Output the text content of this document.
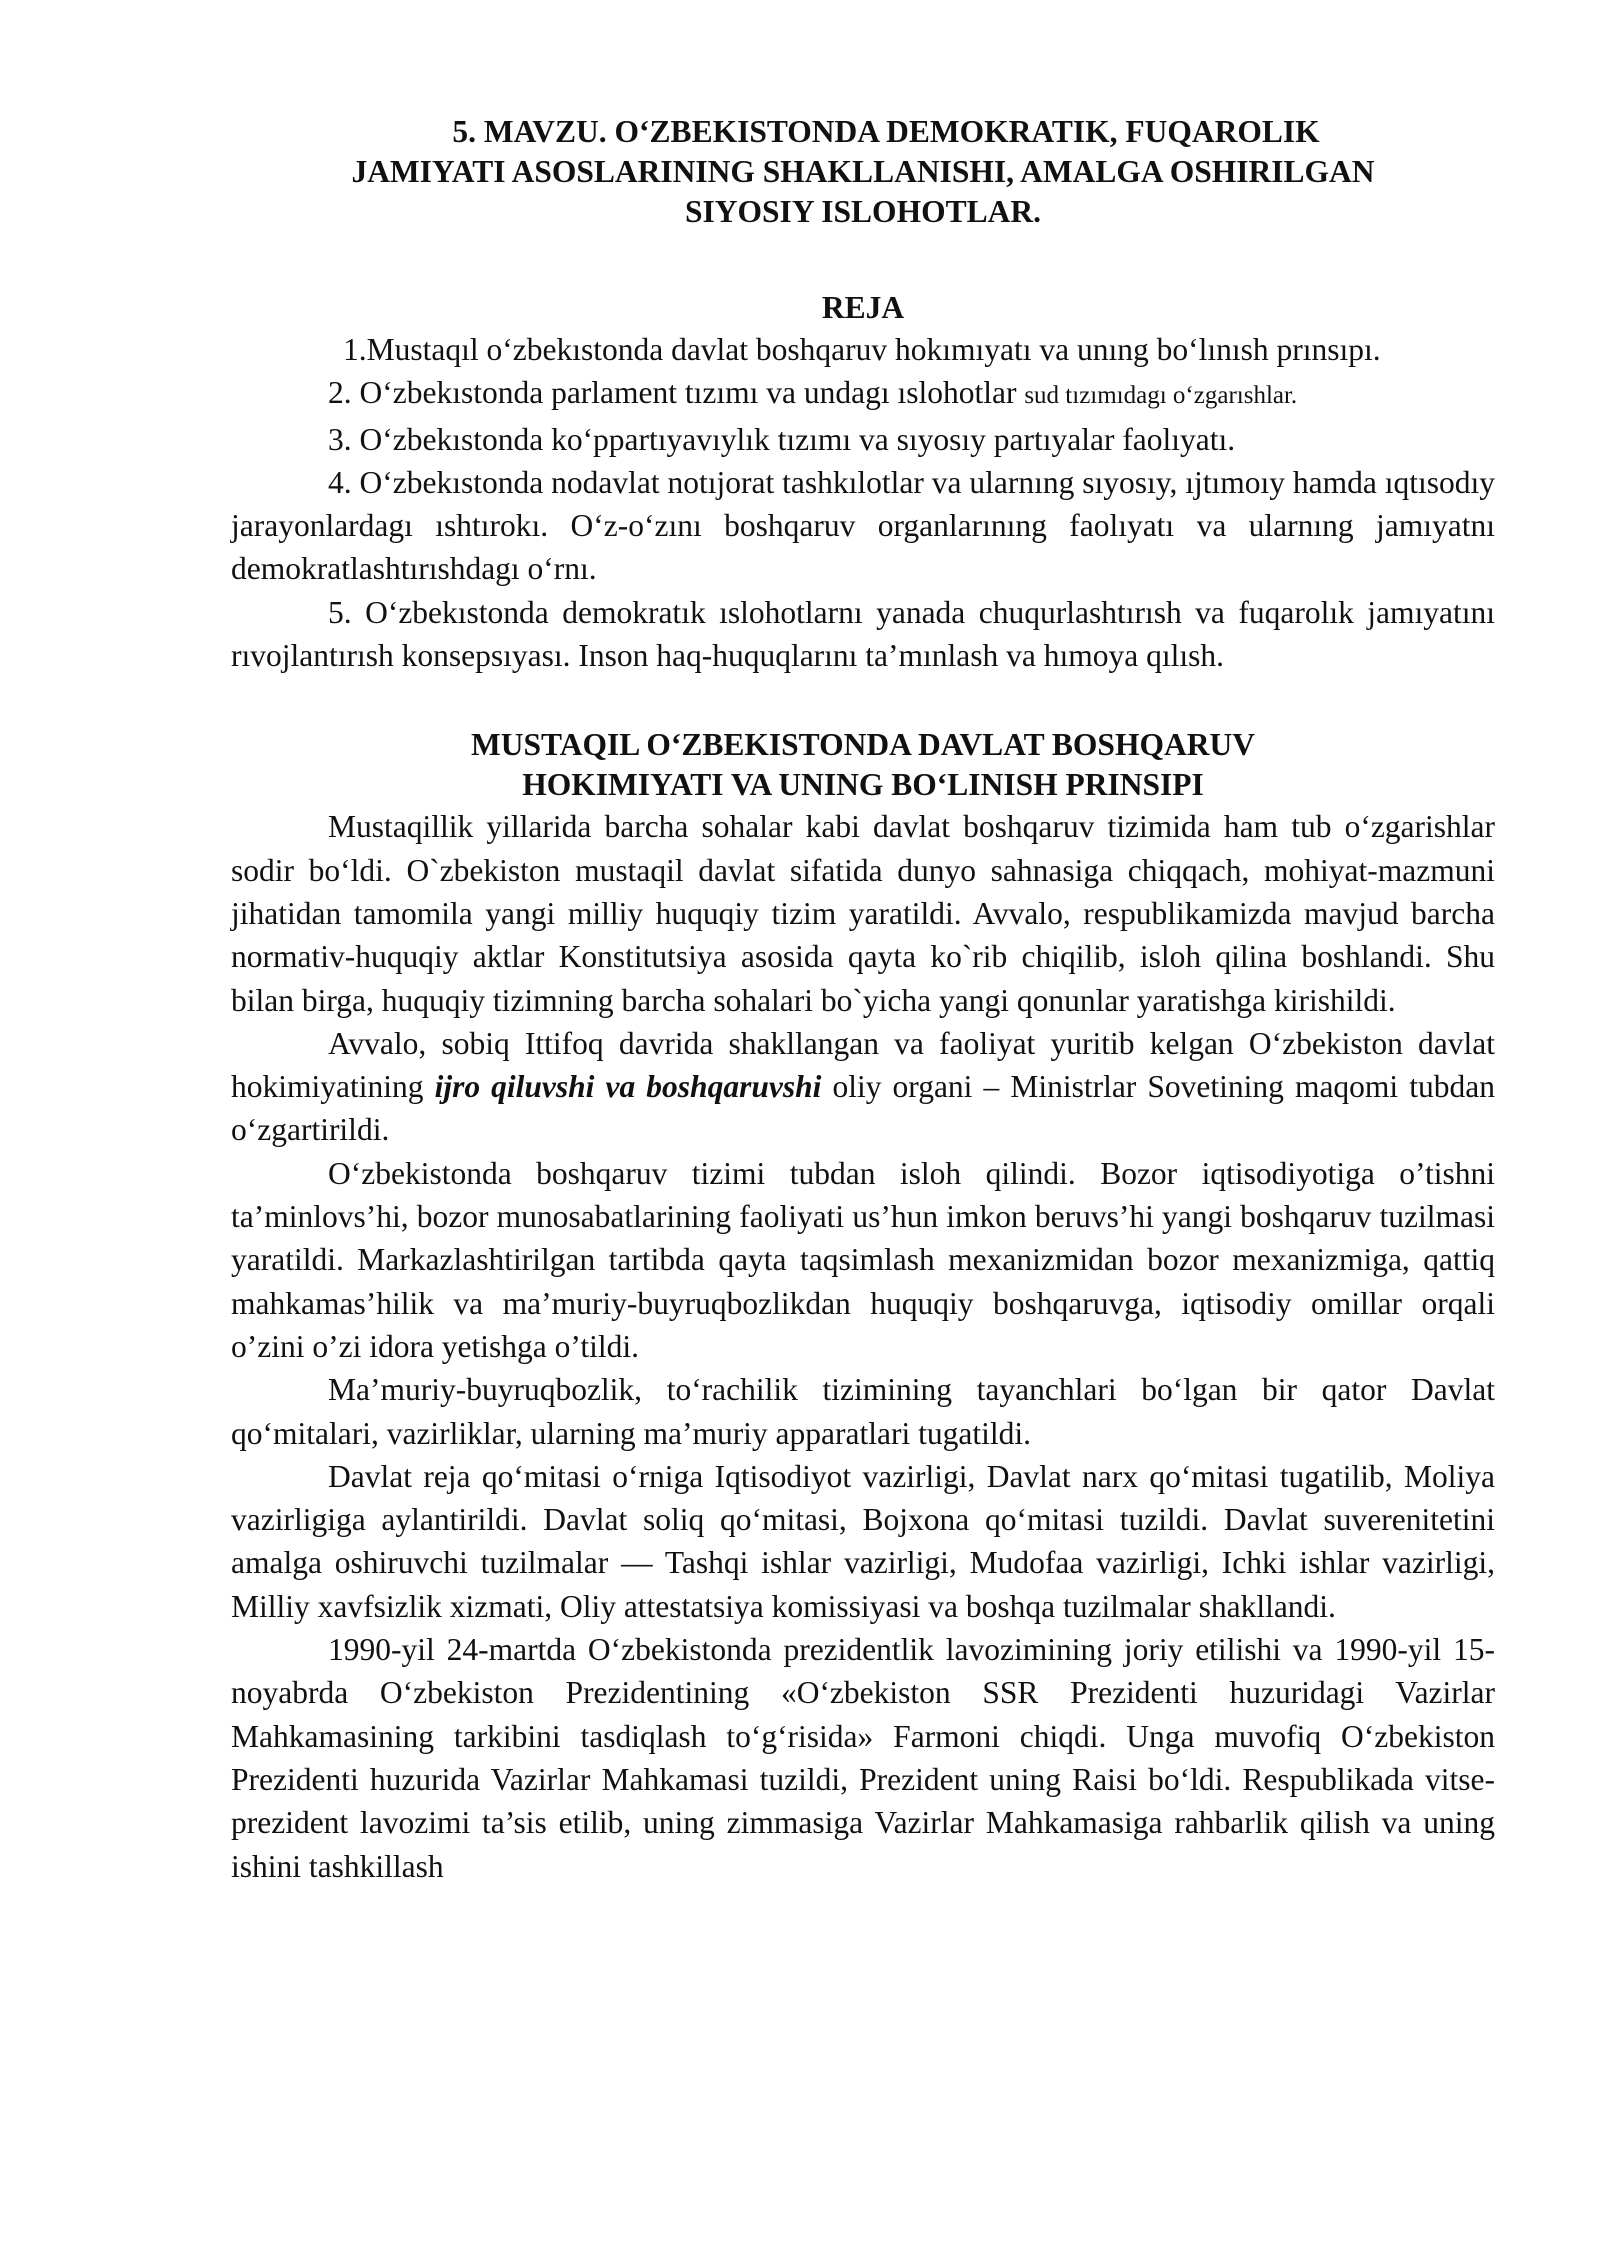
5. MAVZU. O‘ZBEKISTONDA DEMOKRATIK, FUQAROLIK
JAMIYATI ASOSLARINING SHAKLLANISHI, AMALGA OSHIRILGAN
SIYOSIY ISLOHOTLAR.
REJA

1.Mustaqıl o‘zbekıstonda davlat boshqaruv hokımıyatı va unıng boʻlınısh prınsıpı.

2. O‘zbekıstonda parlament tızımı va undagı ıslohotlar sud tızımıdagı o‘zgarıshlar.

3. O‘zbekıstonda ko‘ppartıyavıylık tızımı va sıyosıy partıyalar faolıyatı.

4. O‘zbekıstonda nodavlat notıjorat tashkılotlar va ularnıng sıyosıy, ıjtımoıy hamda ıqtısodıy jarayonlardagı ıshtırokı. O‘z-o‘zını boshqaruv organlarınıng faolıyatı va ularnıng jamıyatnı demokratlashtırıshdagı o‘rnı.

5. Oʻzbekıstonda demokratık ıslohotlarnı yanada chuqurlashtırısh va fuqarolık jamıyatını rıvojlantırısh konsepsıyası. Inson haq-huquqlarını ta’mınlash va hımoya qılısh.

MUSTAQIL O‘ZBEKISTONDA DAVLAT BOSHQARUV
HOKIMIYATI VA UNING BOʻLINISH PRINSIPI

Mustaqillik yillarida barcha sohalar kabi davlat boshqaruv tizimida ham tub o‘zgarishlar sodir bo‘ldi. O`zbekiston mustaqil davlat sifatida dunyo sahnasiga chiqqach, mohiyat-mazmuni jihatidan tamomila yangi milliy huquqiy tizim yaratildi. Avvalo, respublikamizda mavjud barcha normativ-huquqiy aktlar Konstitutsiya asosida qayta ko`rib chiqilib, isloh qilina boshlandi. Shu bilan birga, huquqiy tizimning barcha sohalari bo`yicha yangi qonunlar yaratishga kirishildi.

Avvalo, sobiq Ittifoq davrida shakllangan va faoliyat yuritib kelgan O‘zbekiston davlat hokimiyatining ijro qiluvshi va boshqaruvshi oliy organi – Ministrlar Sovetining maqomi tubdan o‘zgartirildi.

O‘zbekistonda boshqaruv tizimi tubdan isloh qilindi. Bozor iqtisodiyotiga o’tishni ta’minlovs’hi, bozor munosabatlarining faoliyati us’hun imkon beruvs’hi yangi boshqaruv tuzilmasi yaratildi. Markazlashtirilgan tartibda qayta taqsimlash mexanizmidan bozor mexanizmiga, qattiq mahkamas’hilik va ma’muriy-buyruqbozlikdan huquqiy boshqaruvga, iqtisodiy omillar orqali o’zini o’zi idora yetishga o’tildi.

Ma’muriy-buyruqbozlik, to‘rachilik tizimining tayanchlari bo‘lgan bir qator Davlat qo‘mitalari, vazirliklar, ularning ma’muriy apparatlari tugatildi.

Davlat reja qo‘mitasi o‘rniga Iqtisodiyot vazirligi, Davlat narx qo‘mitasi tugatilib, Moliya vazirligiga aylantirildi. Davlat soliq qo‘mitasi, Bojxona qo‘mitasi tuzildi. Davlat suverenitetini amalga oshiruvchi tuzilmalar — Tashqi ishlar vazirligi, Mudofaa vazirligi, Ichki ishlar vazirligi, Milliy xavfsizlik xizmati, Oliy attestatsiya komissiyasi va boshqa tuzilmalar shakllandi.

1990-yil 24-martda O‘zbekistonda prezidentlik lavozimining joriy etilishi va 1990-yil 15-noyabrda O‘zbekiston Prezidentining «O‘zbekiston SSR Prezidenti huzuridagi Vazirlar Mahkamasining tarkibini tasdiqlash to‘g‘risida» Farmoni chiqdi. Unga muvofiq O‘zbekiston Prezidenti huzurida Vazirlar Mahkamasi tuzildi, Prezident uning Raisi bo‘ldi. Respublikada vitse-prezident lavozimi ta’sis etilib, uning zimmasiga Vazirlar Mahkamasiga rahbarlik qilish va uning ishini tashkillash
